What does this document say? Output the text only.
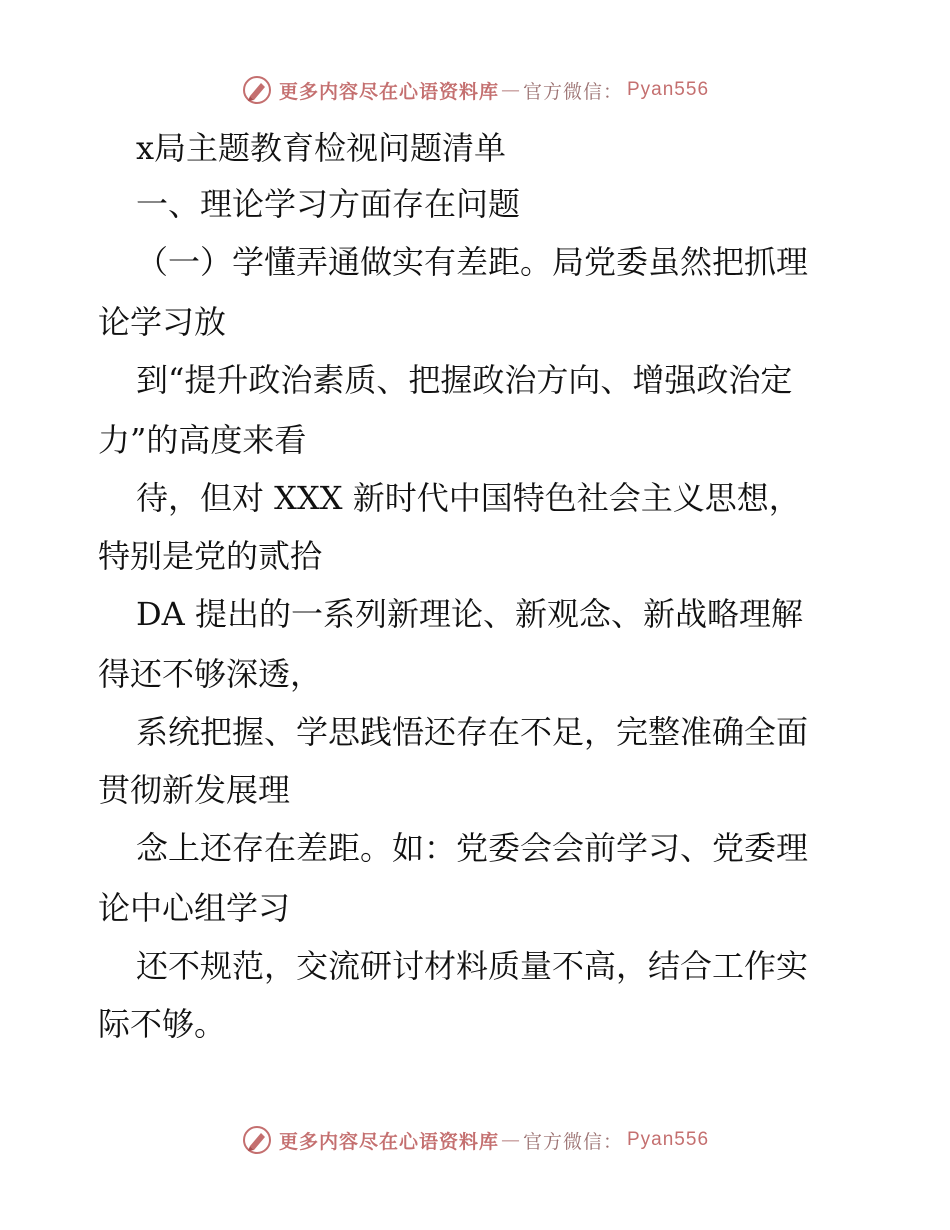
更多内容尽在心语资料库 — 官方微信： Pyan556
x局主题教育检视问题清单
一、理论学习方面存在问题
（一）学懂弄通做实有差距。局党委虽然把抓理
论学习放
到“提升政治素质、把握政治方向、增强政治定
力”的高度来看
待，但对 XXX 新时代中国特色社会主义思想，
特别是党的贰拾
DA 提出的一系列新理论、新观念、新战略理解
得还不够深透，
系统把握、学思践悟还存在不足，完整准确全面
贯彻新发展理
念上还存在差距。如：党委会会前学习、党委理
论中心组学习
还不规范，交流研讨材料质量不高，结合工作实
际不够。
更多内容尽在心语资料库 — 官方微信： Pyan556
